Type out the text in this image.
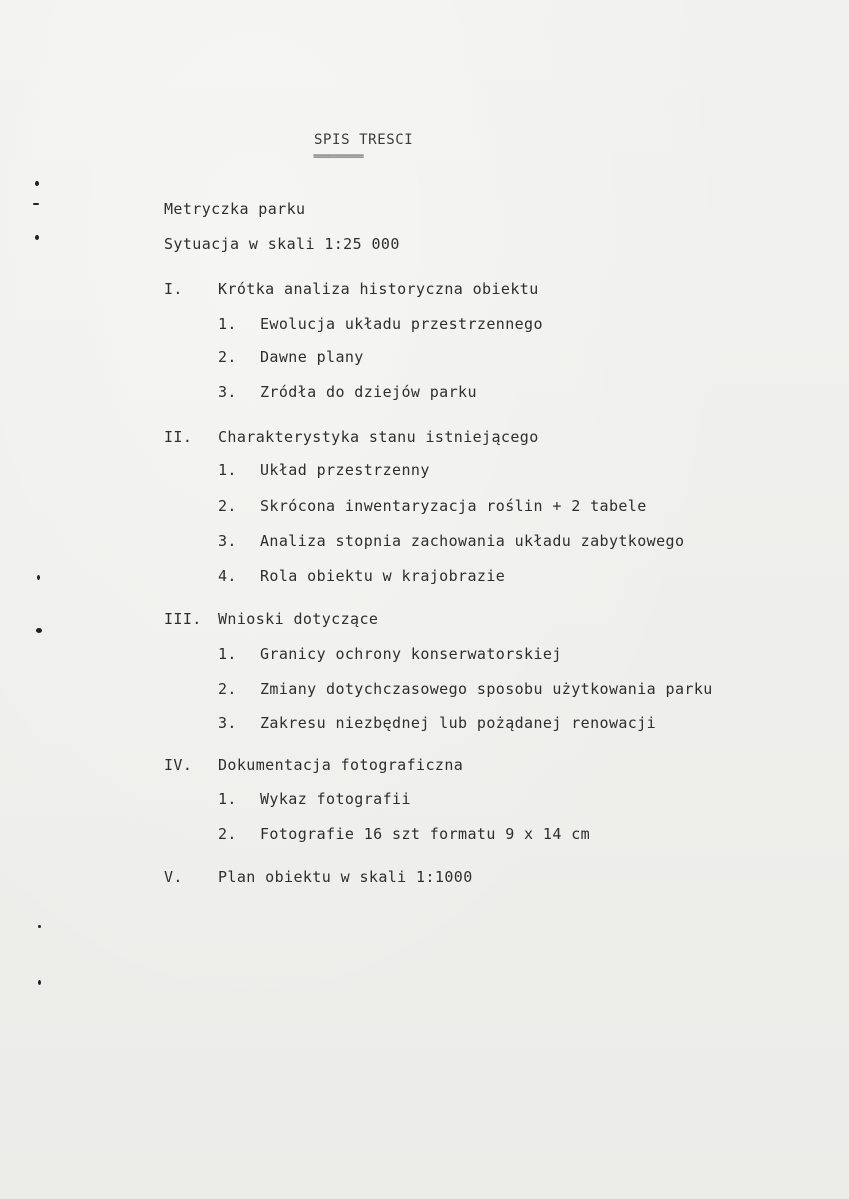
SPIS TRESCI
==========
Metryczka parku
Sytuacja w skali 1:25 000
I. Krótka analiza historyczna obiektu
1. Ewolucja układu przestrzennego
2. Dawne plany
3. Zródła do dziejów parku
II. Charakterystyka stanu istniejącego
1. Układ przestrzenny
2. Skrócona inwentaryzacja roślin + 2 tabele
3. Analiza stopnia zachowania układu zabytkowego
4. Rola obiektu w krajobrazie
III. Wnioski dotyczące
1. Granicy ochrony konserwatorskiej
2. Zmiany dotychczasowego sposobu użytkowania parku
3. Zakresu niezbędnej lub pożądanej renowacji
IV. Dokumentacja fotograficzna
1. Wykaz fotografii
2. Fotografie 16 szt formatu 9 x 14 cm
V. Plan obiektu w skali 1:1000
